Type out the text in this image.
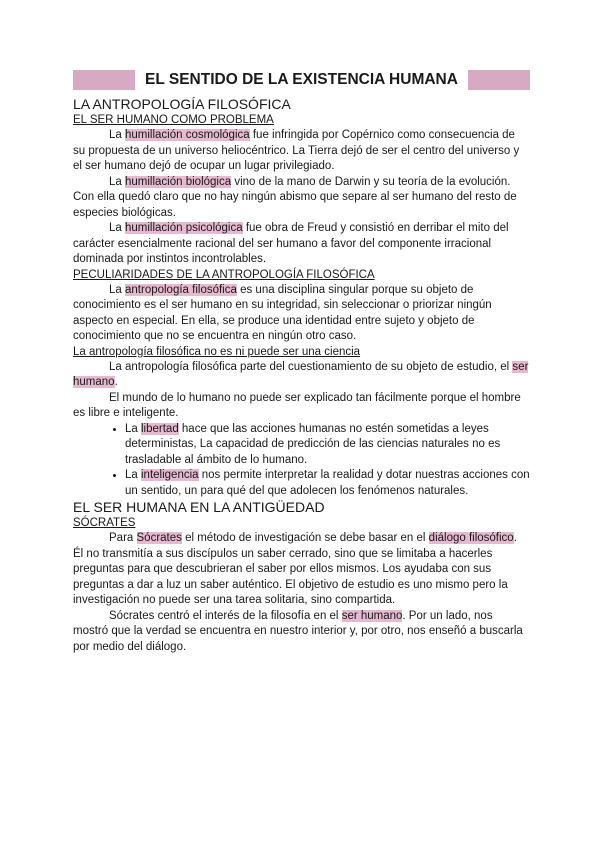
EL SENTIDO DE LA EXISTENCIA HUMANA
LA ANTROPOLOGÍA FILOSÓFICA
EL SER HUMANO COMO PROBLEMA

La humillación cosmológica fue infringida por Copérnico como consecuencia de su propuesta de un universo heliocéntrico. La Tierra dejó de ser el centro del universo y el ser humano dejó de ocupar un lugar privilegiado.

La humillación biológica vino de la mano de Darwin y su teoría de la evolución. Con ella quedó claro que no hay ningún abismo que separe al ser humano del resto de especies biológicas.

La humillación psicológica fue obra de Freud y consistió en derribar el mito del carácter esencialmente racional del ser humano a favor del componente irracional dominada por instintos incontrolables.

PECULIARIDADES DE LA ANTROPOLOGÍA FILOSÓFICA

La antropología filosófica es una disciplina singular porque su objeto de conocimiento es el ser humano en su integridad, sin seleccionar o priorizar ningún aspecto en especial. En ella, se produce una identidad entre sujeto y objeto de conocimiento que no se encuentra en ningún otro caso.

La antropología filosófica no es ni puede ser una ciencia

La antropología filosófica parte del cuestionamiento de su objeto de estudio, el ser humano.

El mundo de lo humano no puede ser explicado tan fácilmente porque el hombre es libre e inteligente.

• La libertad hace que las acciones humanas no estén sometidas a leyes deterministas, La capacidad de predicción de las ciencias naturales no es trasladable al ámbito de lo humano.
• La inteligencia nos permite interpretar la realidad y dotar nuestras acciones con un sentido, un para qué del que adolecen los fenómenos naturales.
EL SER HUMANA EN LA ANTIGÜEDAD
SÓCRATES

Para Sócrates el método de investigación se debe basar en el diálogo filosófico. Él no transmitía a sus discípulos un saber cerrado, sino que se limitaba a hacerles preguntas para que descubrieran el saber por ellos mismos. Los ayudaba con sus preguntas a dar a luz un saber auténtico. El objetivo de estudio es uno mismo pero la investigación no puede ser una tarea solitaria, sino compartida.

Sócrates centró el interés de la filosofía en el ser humano. Por un lado, nos mostró que la verdad se encuentra en nuestro interior y, por otro, nos enseñó a buscarla por medio del diálogo.
